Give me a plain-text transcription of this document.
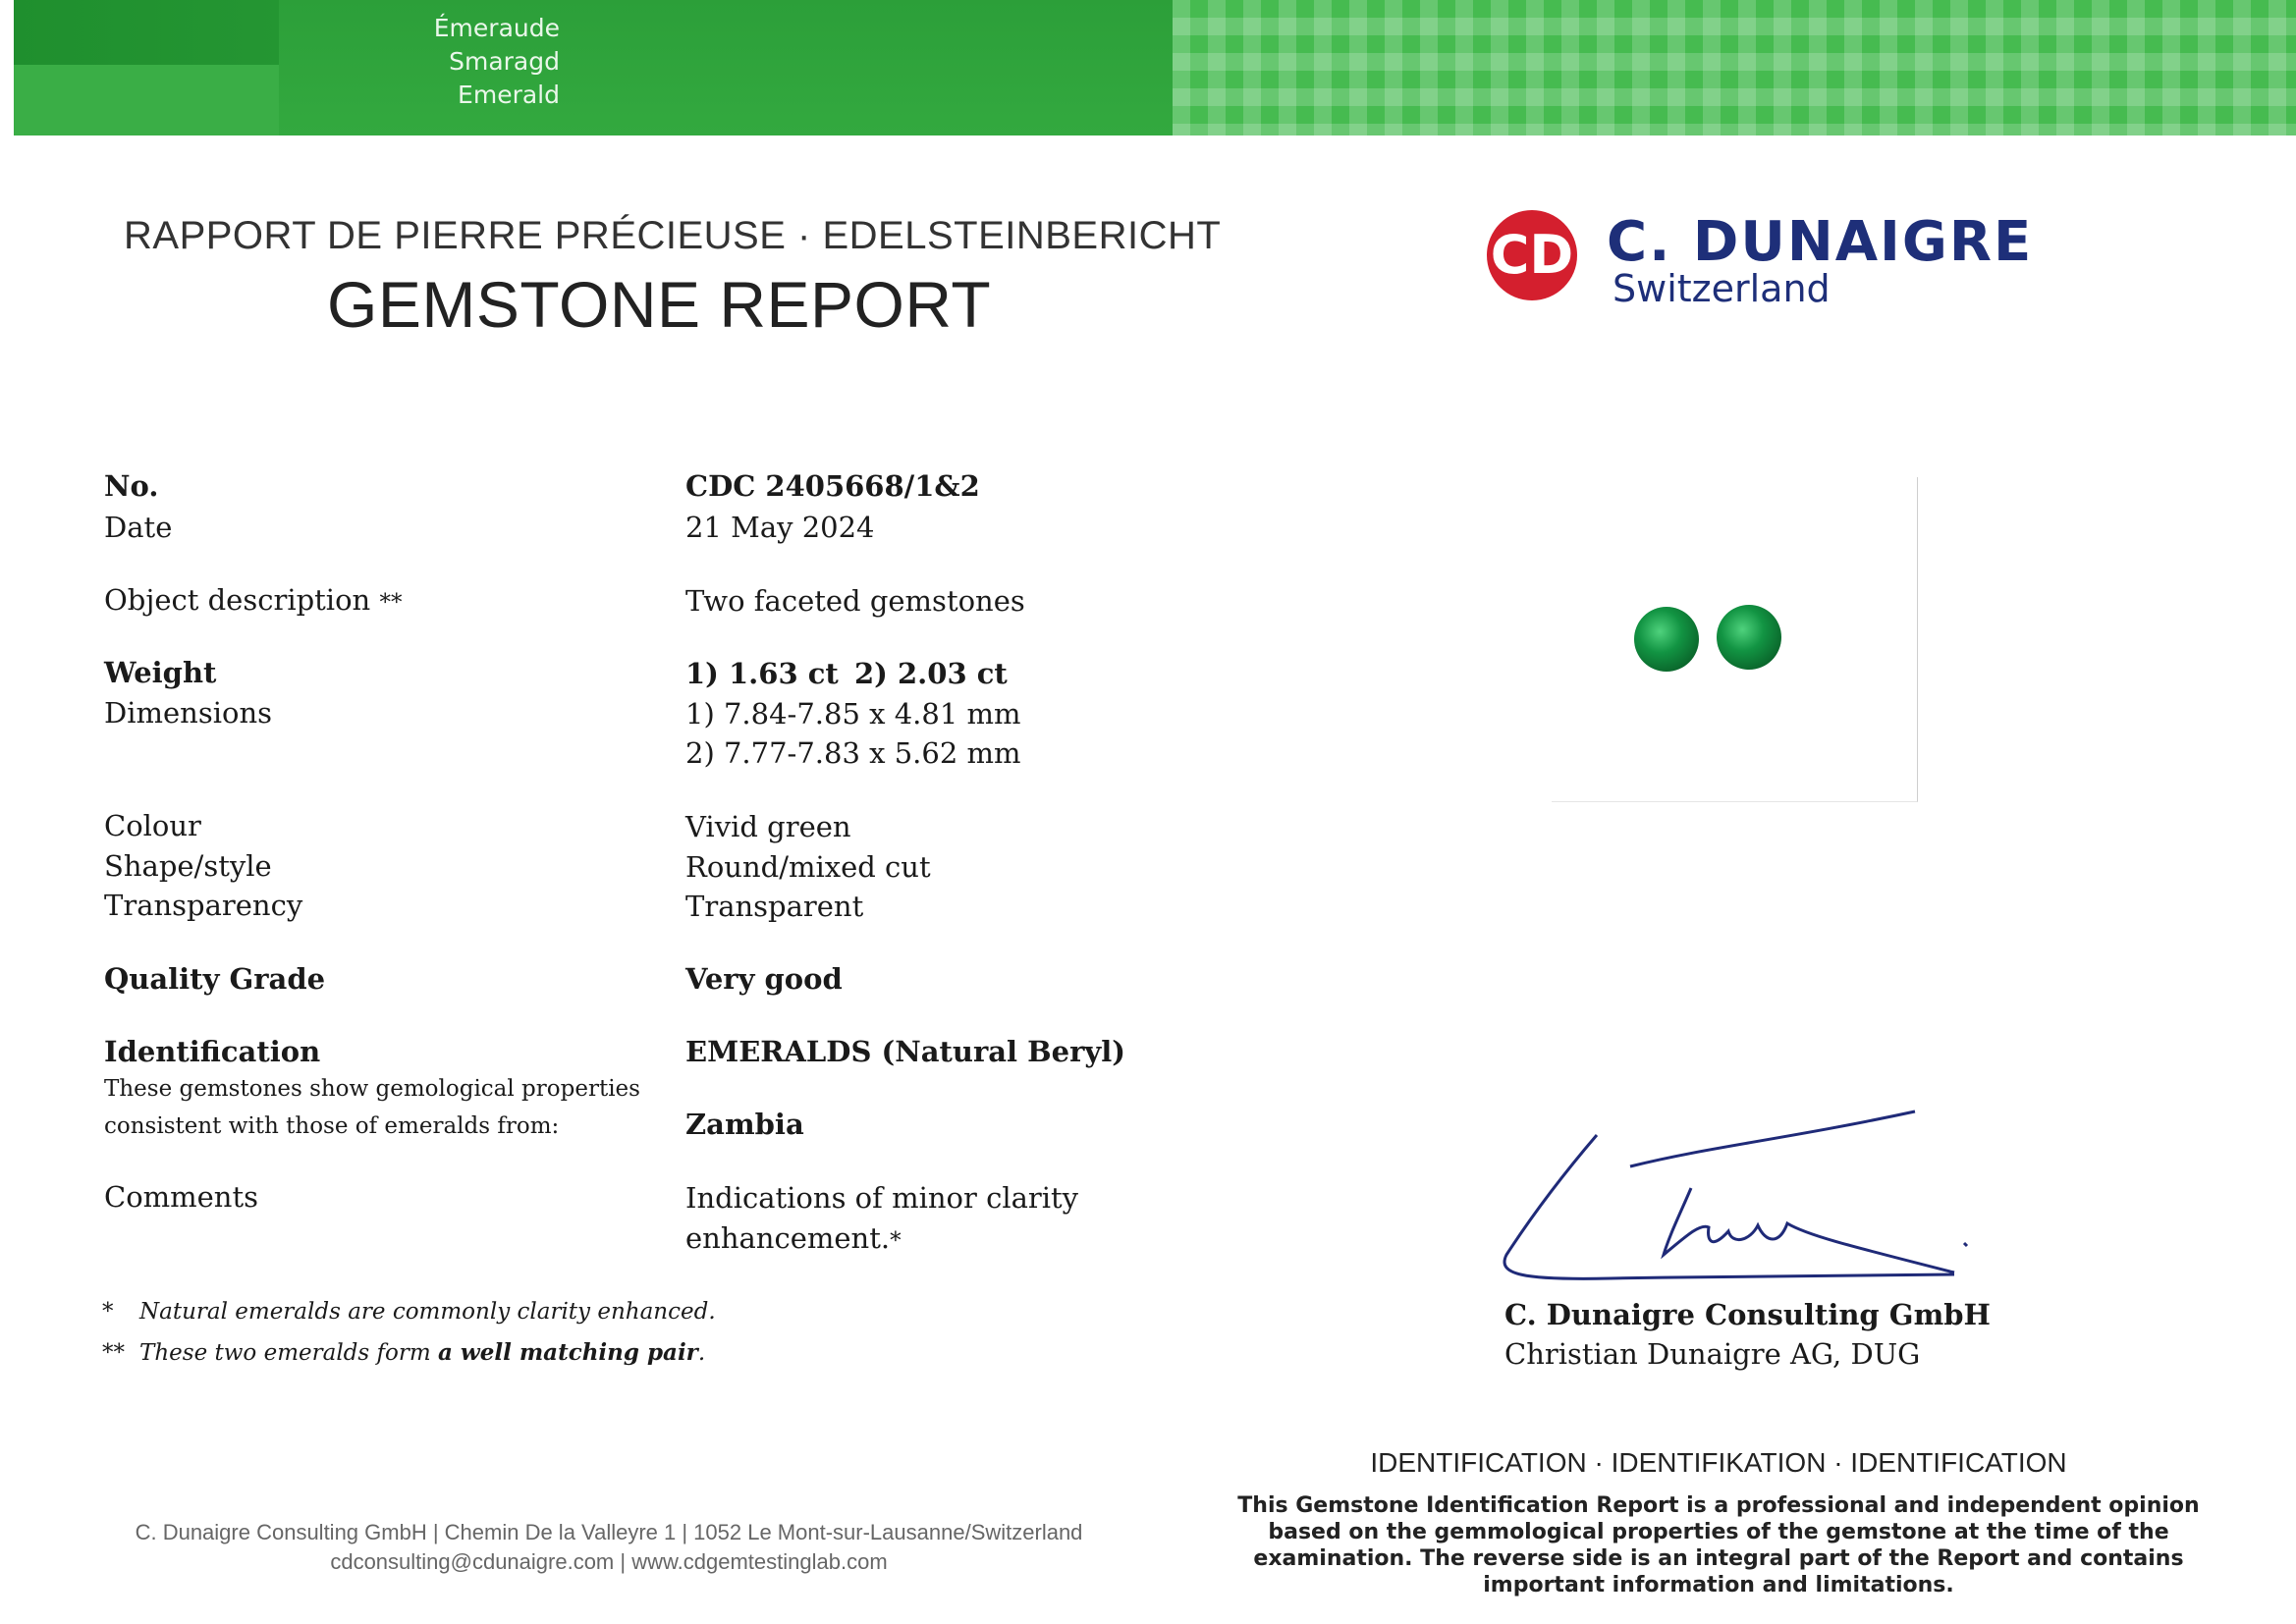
Émeraude
Smaragd
Emerald
RAPPORT DE PIERRE PRÉCIEUSE · EDELSTEINBERICHT
GEMSTONE REPORT
CD C. DUNAIGRE
Switzerland
No.	CDC 2405668/1&2
Date	21 May 2024
Object description **	Two faceted gemstones
Weight	1) 1.63 ct 2) 2.03 ct
Dimensions	1) 7.84-7.85 x 4.81 mm
2) 7.77-7.83 x 5.62 mm
Colour	Vivid green
Shape/style	Round/mixed cut
Transparency	Transparent
Quality Grade	Very good
Identification	EMERALDS (Natural Beryl)
These gemstones show gemological properties
consistent with those of emeralds from:	Zambia
Comments	Indications of minor clarity
enhancement.*
* Natural emeralds are commonly clarity enhanced.
** These two emeralds form a well matching pair.
C. Dunaigre Consulting GmbH
Christian Dunaigre AG, DUG
IDENTIFICATION · IDENTIFIKATION · IDENTIFICATION
This Gemstone Identification Report is a professional and independent opinion based on the gemmological properties of the gemstone at the time of the examination. The reverse side is an integral part of the Report and contains important information and limitations.
C. Dunaigre Consulting GmbH | Chemin De la Valleyre 1 | 1052 Le Mont-sur-Lausanne/Switzerland
cdconsulting@cdunaigre.com | www.cdgemtestinglab.com
